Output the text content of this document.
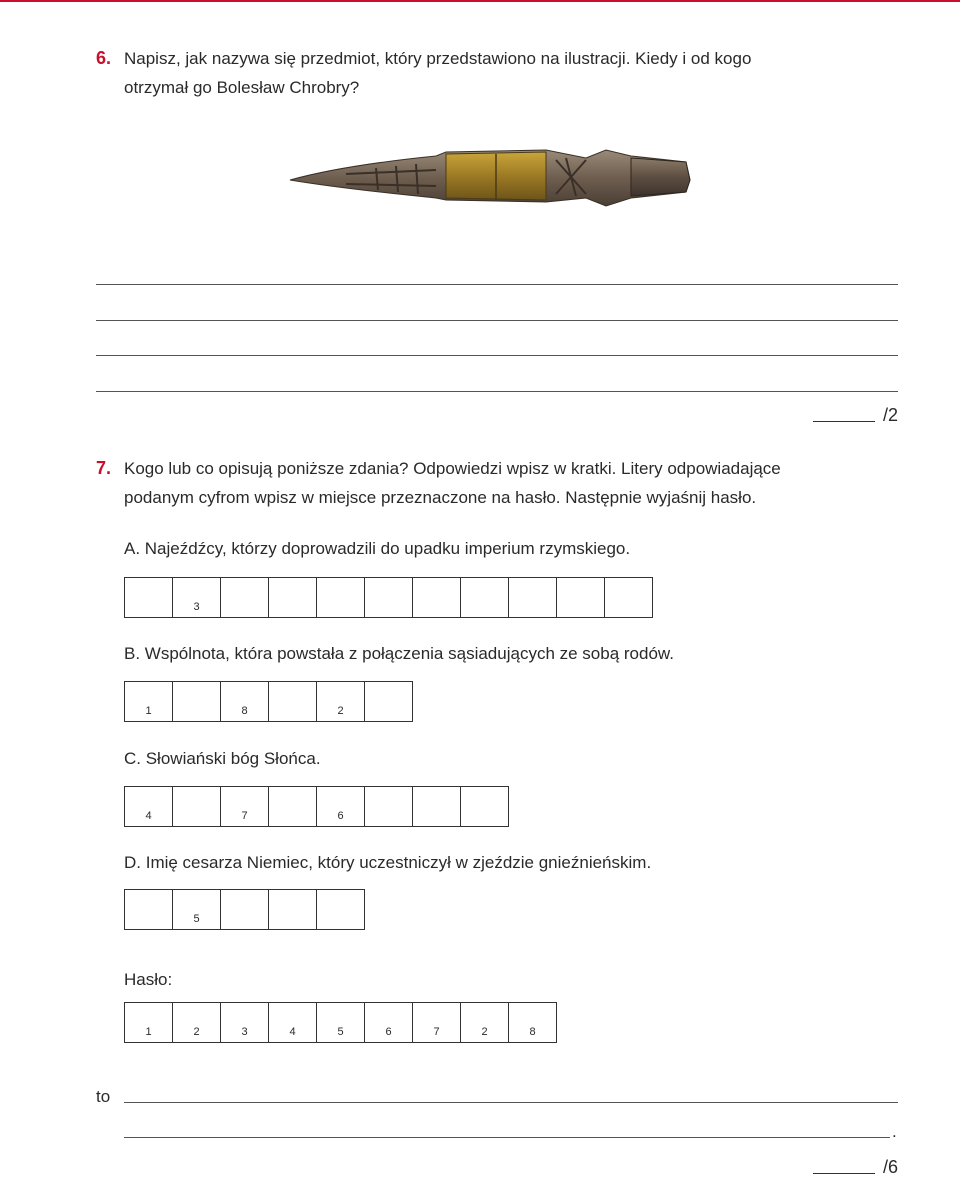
6. Napisz, jak nazywa się przedmiot, który przedstawiono na ilustracji. Kiedy i od kogo
otrzymał go Bolesław Chrobry?
/2
7. Kogo lub co opisują poniższe zdania? Odpowiedzi wpisz w kratki. Litery odpowiadające
podanym cyfrom wpisz w miejsce przeznaczone na hasło. Następnie wyjaśnij hasło.
A. Najeźdźcy, którzy doprowadzili do upadku imperium rzymskiego.
3
B. Wspólnota, która powstała z połączenia sąsiadujących ze sobą rodów.
1	8	2
C. Słowiański bóg Słońca.
4	7	6
D. Imię cesarza Niemiec, który uczestniczył w zjeździe gnieźnieńskim.
5
Hasło:
1	2	3	4	5	6	7	2	8
to
.
/6
